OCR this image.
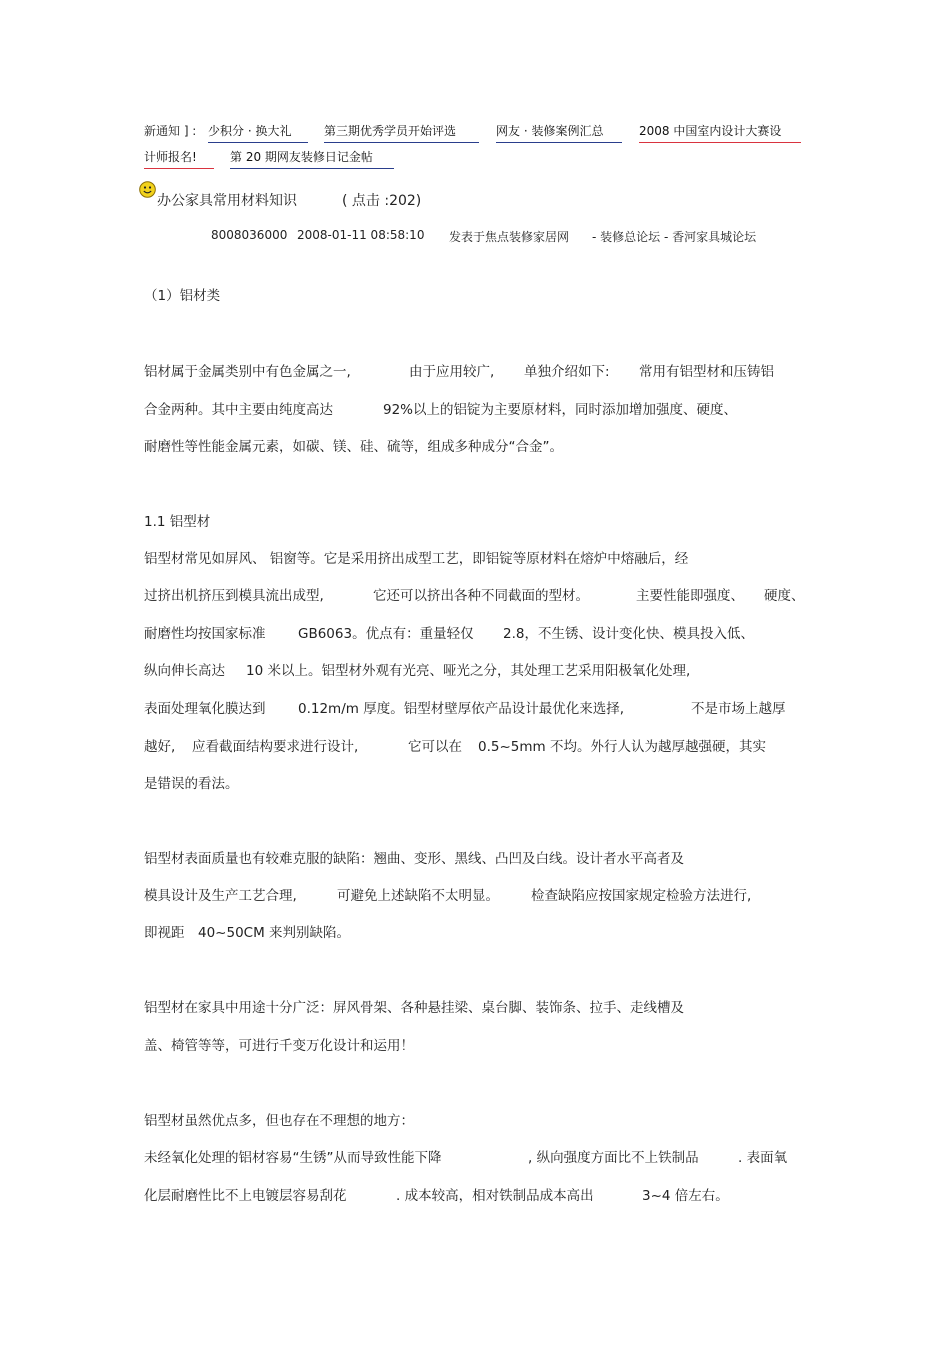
新通知 ] : 少积分 · 换大礼	第三期优秀学员开始评选	网友 · 装修案例汇总	2008 中国室内设计大赛设
计师报名!	第 20 期网友装修日记金帖
办公家具常用材料知识	( 点击 :202)
8008036000 2008-01-11 08:58:10 发表于焦点装修家居网 - 装修总论坛 - 香河家具城论坛
（1）铝材类
铝材属于金属类别中有色金属之一,	由于应用较广, 单独介绍如下: 常用有铝型材和压铸铝
合金两种。其中主要由纯度高达	92%以上的铝锭为主要原材料，同时添加增加强度、硬度、
耐磨性等性能金属元素，如碳、镁、硅、硫等，组成多种成分“合金”。
1.1 铝型材
铝型材常见如屏风、 铝窗等。它是采用挤出成型工艺，即铝锭等原材料在熔炉中熔融后，经
过挤出机挤压到模具流出成型,	它还可以挤出各种不同截面的型材。	主要性能即强度、 硬度、
耐磨性均按国家标准 GB6063。优点有：重量轻仅 2.8，不生锈、设计变化快、模具投入低、
纵向伸长高达 10 米以上。铝型材外观有光亮、哑光之分，其处理工艺采用阳极氧化处理,
表面处理氧化膜达到 0.12m/m 厚度。铝型材壁厚依产品设计最优化来选择,	不是市场上越厚
越好, 应看截面结构要求进行设计,	它可以在 0.5~5mm 不均。外行人认为越厚越强硬，其实
是错误的看法。
铝型材表面质量也有较难克服的缺陷：翘曲、变形、黑线、凸凹及白线。设计者水平高者及
模具设计及生产工艺合理,	可避免上述缺陷不太明显。 检查缺陷应按国家规定检验方法进行,
即视距 40~50CM 来判别缺陷。
铝型材在家具中用途十分广泛：屏风骨架、各种悬挂梁、桌台脚、装饰条、拉手、走线槽及
盖、椅管等等，可进行千变万化设计和运用！
铝型材虽然优点多，但也存在不理想的地方：
未经氧化处理的铝材容易“生锈”从而导致性能下降	, 纵向强度方面比不上铁制品	. 表面氧
化层耐磨性比不上电镀层容易刮花	. 成本较高，相对铁制品成本高出	3~4 倍左右。
